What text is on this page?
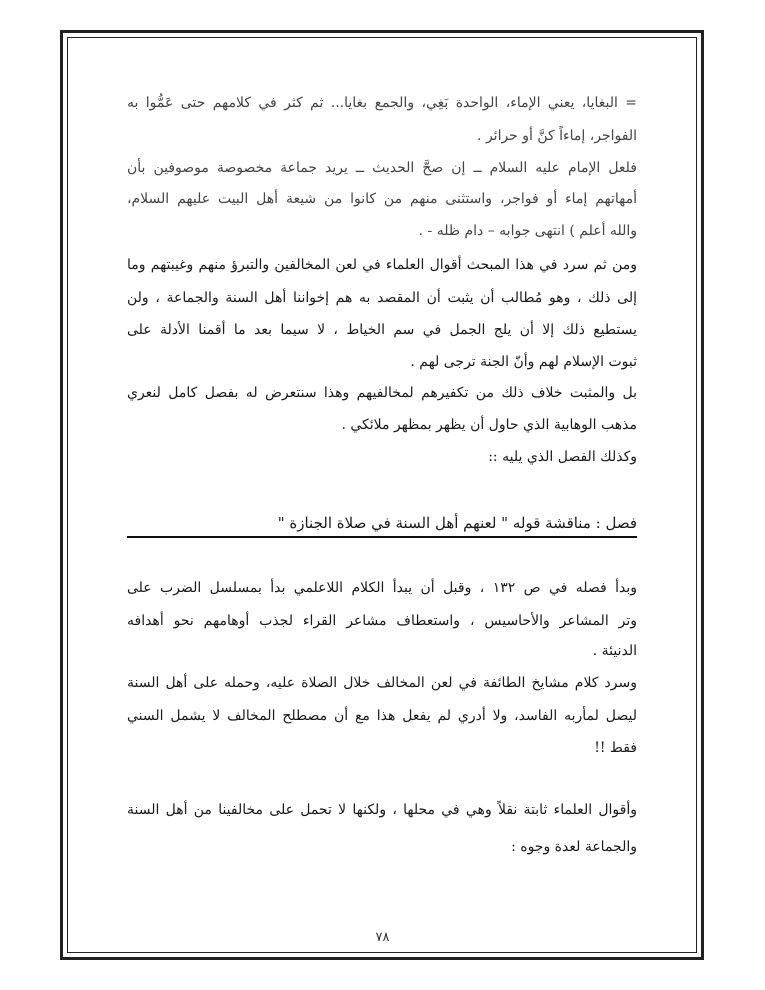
= البغايا، يعني الإماء، الواحدة بَغِي، والجمع بغايا... ثم كثر في كلامهم حتى عَمُّوا به
الفواجر، إماءاً كنَّ أو حرائر .
فلعل الإمام عليه السلام ــ إن صحَّ الحديث ــ يريد جماعة مخصوصة موصوفين بأن
أمهاتهم إماء أو فواجر، واستثنى منهم من كانوا من شيعة أهل البيت عليهم السلام،
والله أعلم ) انتهى جوابه – دام ظله - .
ومن ثم سرد في هذا المبحث أقوال العلماء في لعن المخالفين والتبرؤ منهم وغيبتهم وما
إلى ذلك ، وهو مُطالب أن يثبت أن المقصد به هم إخواننا أهل السنة والجماعة ، ولن
يستطيع ذلك إلا أن يلج الجمل في سم الخياط ، لا سيما بعد ما أقمنا الأدلة على
ثبوت الإسلام لهم وأنّ الجنة ترجى لهم .
بل والمثبت خلاف ذلك من تكفيرهم لمخالفيهم وهذا سنتعرض له بفصل كامل لنعري
مذهب الوهابية الذي حاول أن يظهر بمظهر ملائكي .
وكذلك الفصل الذي يليه ::
فصل : مناقشة قوله " لعنهم أهل السنة في صلاة الجنازة "
وبدأ فصله في ص ١٣٢ ، وقبل أن يبدأ الكلام اللاعلمي بدأ بمسلسل الضرب على
وتر المشاعر والأحاسيس ، واستعطاف مشاعر القراء لجذب أوهامهم نحو أهدافه
الدنيئة .
وسرد كلام مشايخ الطائفة في لعن المخالف خلال الصلاة عليه، وحمله على أهل السنة
ليصل لمأربه الفاسد، ولا أدري لم يفعل هذا مع أن مصطلح المخالف لا يشمل السني
فقط !!
وأقوال العلماء ثابتة نقلاً وهي في محلها ، ولكنها لا تحمل على مخالفينا من أهل السنة
والجماعة لعدة وجوه :
٧٨
